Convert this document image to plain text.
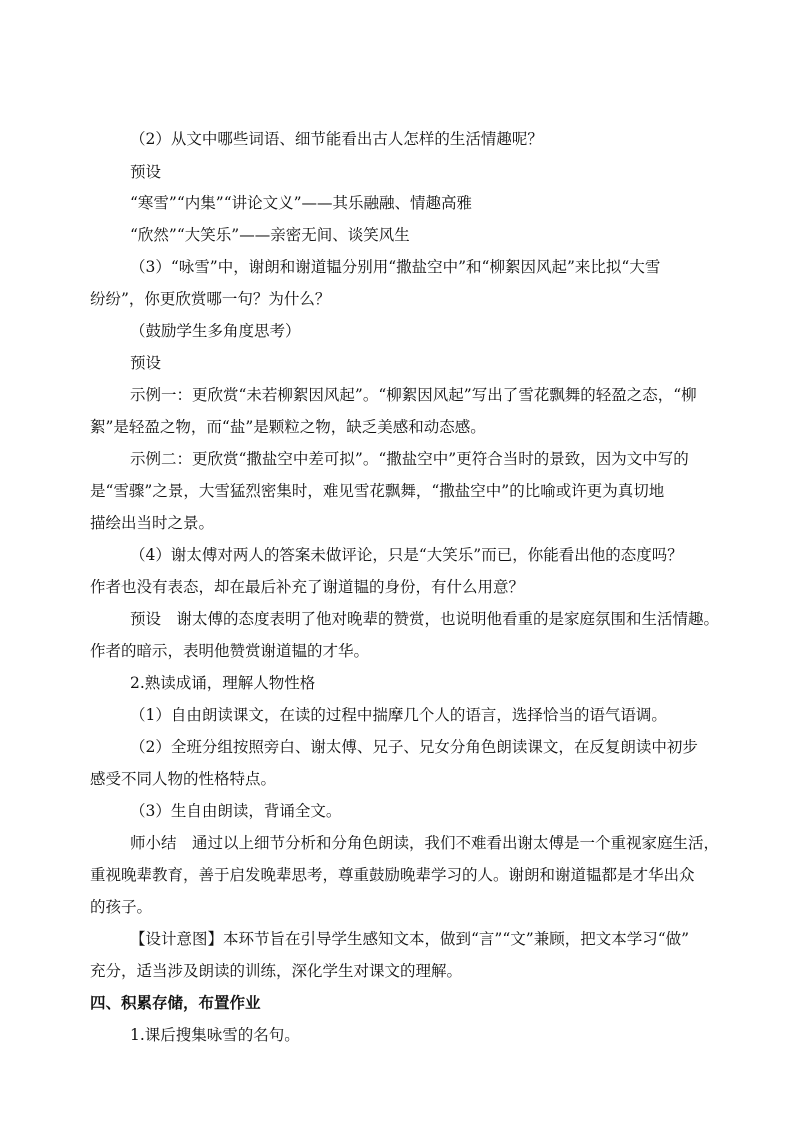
（2）从文中哪些词语、细节能看出古人怎样的生活情趣呢？
预设
“寒雪”“内集”“讲论文义”——其乐融融、情趣高雅
“欣然”“大笑乐”——亲密无间、谈笑风生
（3）“咏雪”中，谢朗和谢道韫分别用“撒盐空中”和“柳絮因风起”来比拟“大雪
纷纷”，你更欣赏哪一句？为什么？
（鼓励学生多角度思考）
预设
示例一：更欣赏“未若柳絮因风起”。“柳絮因风起”写出了雪花飘舞的轻盈之态，“柳
絮”是轻盈之物，而“盐”是颗粒之物，缺乏美感和动态感。
示例二：更欣赏“撒盐空中差可拟”。“撒盐空中”更符合当时的景致，因为文中写的
是“雪骤”之景，大雪猛烈密集时，难见雪花飘舞，“撒盐空中”的比喻或许更为真切地
描绘出当时之景。
（4）谢太傅对两人的答案未做评论，只是“大笑乐”而已，你能看出他的态度吗？
作者也没有表态，却在最后补充了谢道韫的身份，有什么用意？
预设　谢太傅的态度表明了他对晚辈的赞赏，也说明他看重的是家庭氛围和生活情趣。
作者的暗示，表明他赞赏谢道韫的才华。
2.熟读成诵，理解人物性格
（1）自由朗读课文，在读的过程中揣摩几个人的语言，选择恰当的语气语调。
（2）全班分组按照旁白、谢太傅、兄子、兄女分角色朗读课文，在反复朗读中初步
感受不同人物的性格特点。
（3）生自由朗读，背诵全文。
师小结　通过以上细节分析和分角色朗读，我们不难看出谢太傅是一个重视家庭生活，
重视晚辈教育，善于启发晚辈思考，尊重鼓励晚辈学习的人。谢朗和谢道韫都是才华出众
的孩子。
【设计意图】本环节旨在引导学生感知文本，做到“言”“文”兼顾，把文本学习“做”
充分，适当涉及朗读的训练，深化学生对课文的理解。
四、积累存储，布置作业
1.课后搜集咏雪的名句。
